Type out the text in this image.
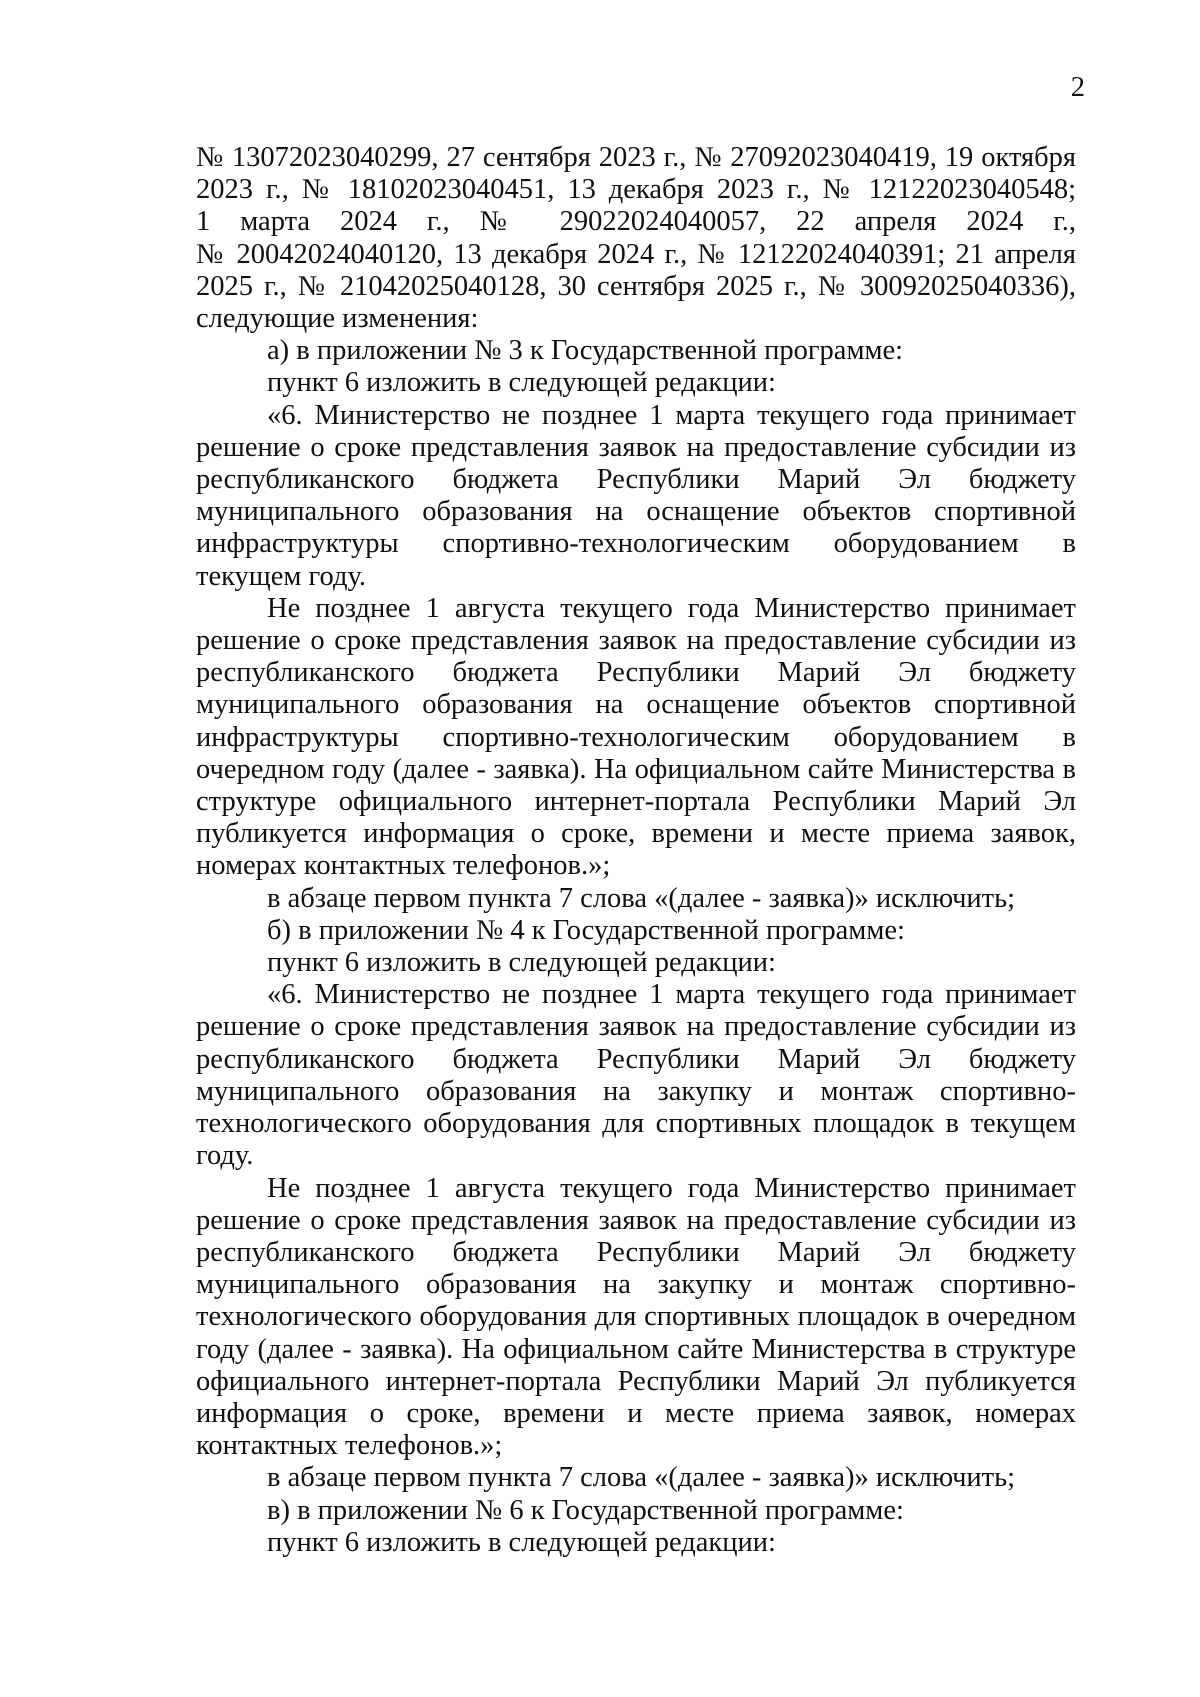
2

№ 13072023040299, 27 сентября 2023 г., № 27092023040419, 19 октября

2023 г., № 18102023040451, 13 декабря 2023 г., № 12122023040548;

1 марта 2024 г., № 29022024040057, 22 апреля 2024 г.,

№ 20042024040120, 13 декабря 2024 г., № 12122024040391; 21 апреля

2025 г., № 21042025040128, 30 сентября 2025 г., № 30092025040336),

следующие изменения:

а) в приложении № 3 к Государственной программе:

пункт 6 изложить в следующей редакции:

«6. Министерство не позднее 1 марта текущего года принимает решение о сроке представления заявок на предоставление субсидии из республиканского бюджета Республики Марий Эл бюджету муниципального образования на оснащение объектов спортивной инфраструктуры спортивно-технологическим оборудованием в текущем году.

Не позднее 1 августа текущего года Министерство принимает решение о сроке представления заявок на предоставление субсидии из республиканского бюджета Республики Марий Эл бюджету муниципального образования на оснащение объектов спортивной инфраструктуры спортивно-технологическим оборудованием в очередном году (далее - заявка). На официальном сайте Министерства в структуре официального интернет-портала Республики Марий Эл публикуется информация о сроке, времени и месте приема заявок, номерах контактных телефонов.»;

в абзаце первом пункта 7 слова «(далее - заявка)» исключить;

б) в приложении № 4 к Государственной программе:

пункт 6 изложить в следующей редакции:

«6. Министерство не позднее 1 марта текущего года принимает решение о сроке представления заявок на предоставление субсидии из республиканского бюджета Республики Марий Эл бюджету муниципального образования на закупку и монтаж спортивно-технологического оборудования для спортивных площадок в текущем году.

Не позднее 1 августа текущего года Министерство принимает решение о сроке представления заявок на предоставление субсидии из республиканского бюджета Республики Марий Эл бюджету муниципального образования на закупку и монтаж спортивно-технологического оборудования для спортивных площадок в очередном году (далее - заявка). На официальном сайте Министерства в структуре официального интернет-портала Республики Марий Эл публикуется информация о сроке, времени и месте приема заявок, номерах контактных телефонов.»;

в абзаце первом пункта 7 слова «(далее - заявка)» исключить;

в) в приложении № 6 к Государственной программе:

пункт 6 изложить в следующей редакции:
